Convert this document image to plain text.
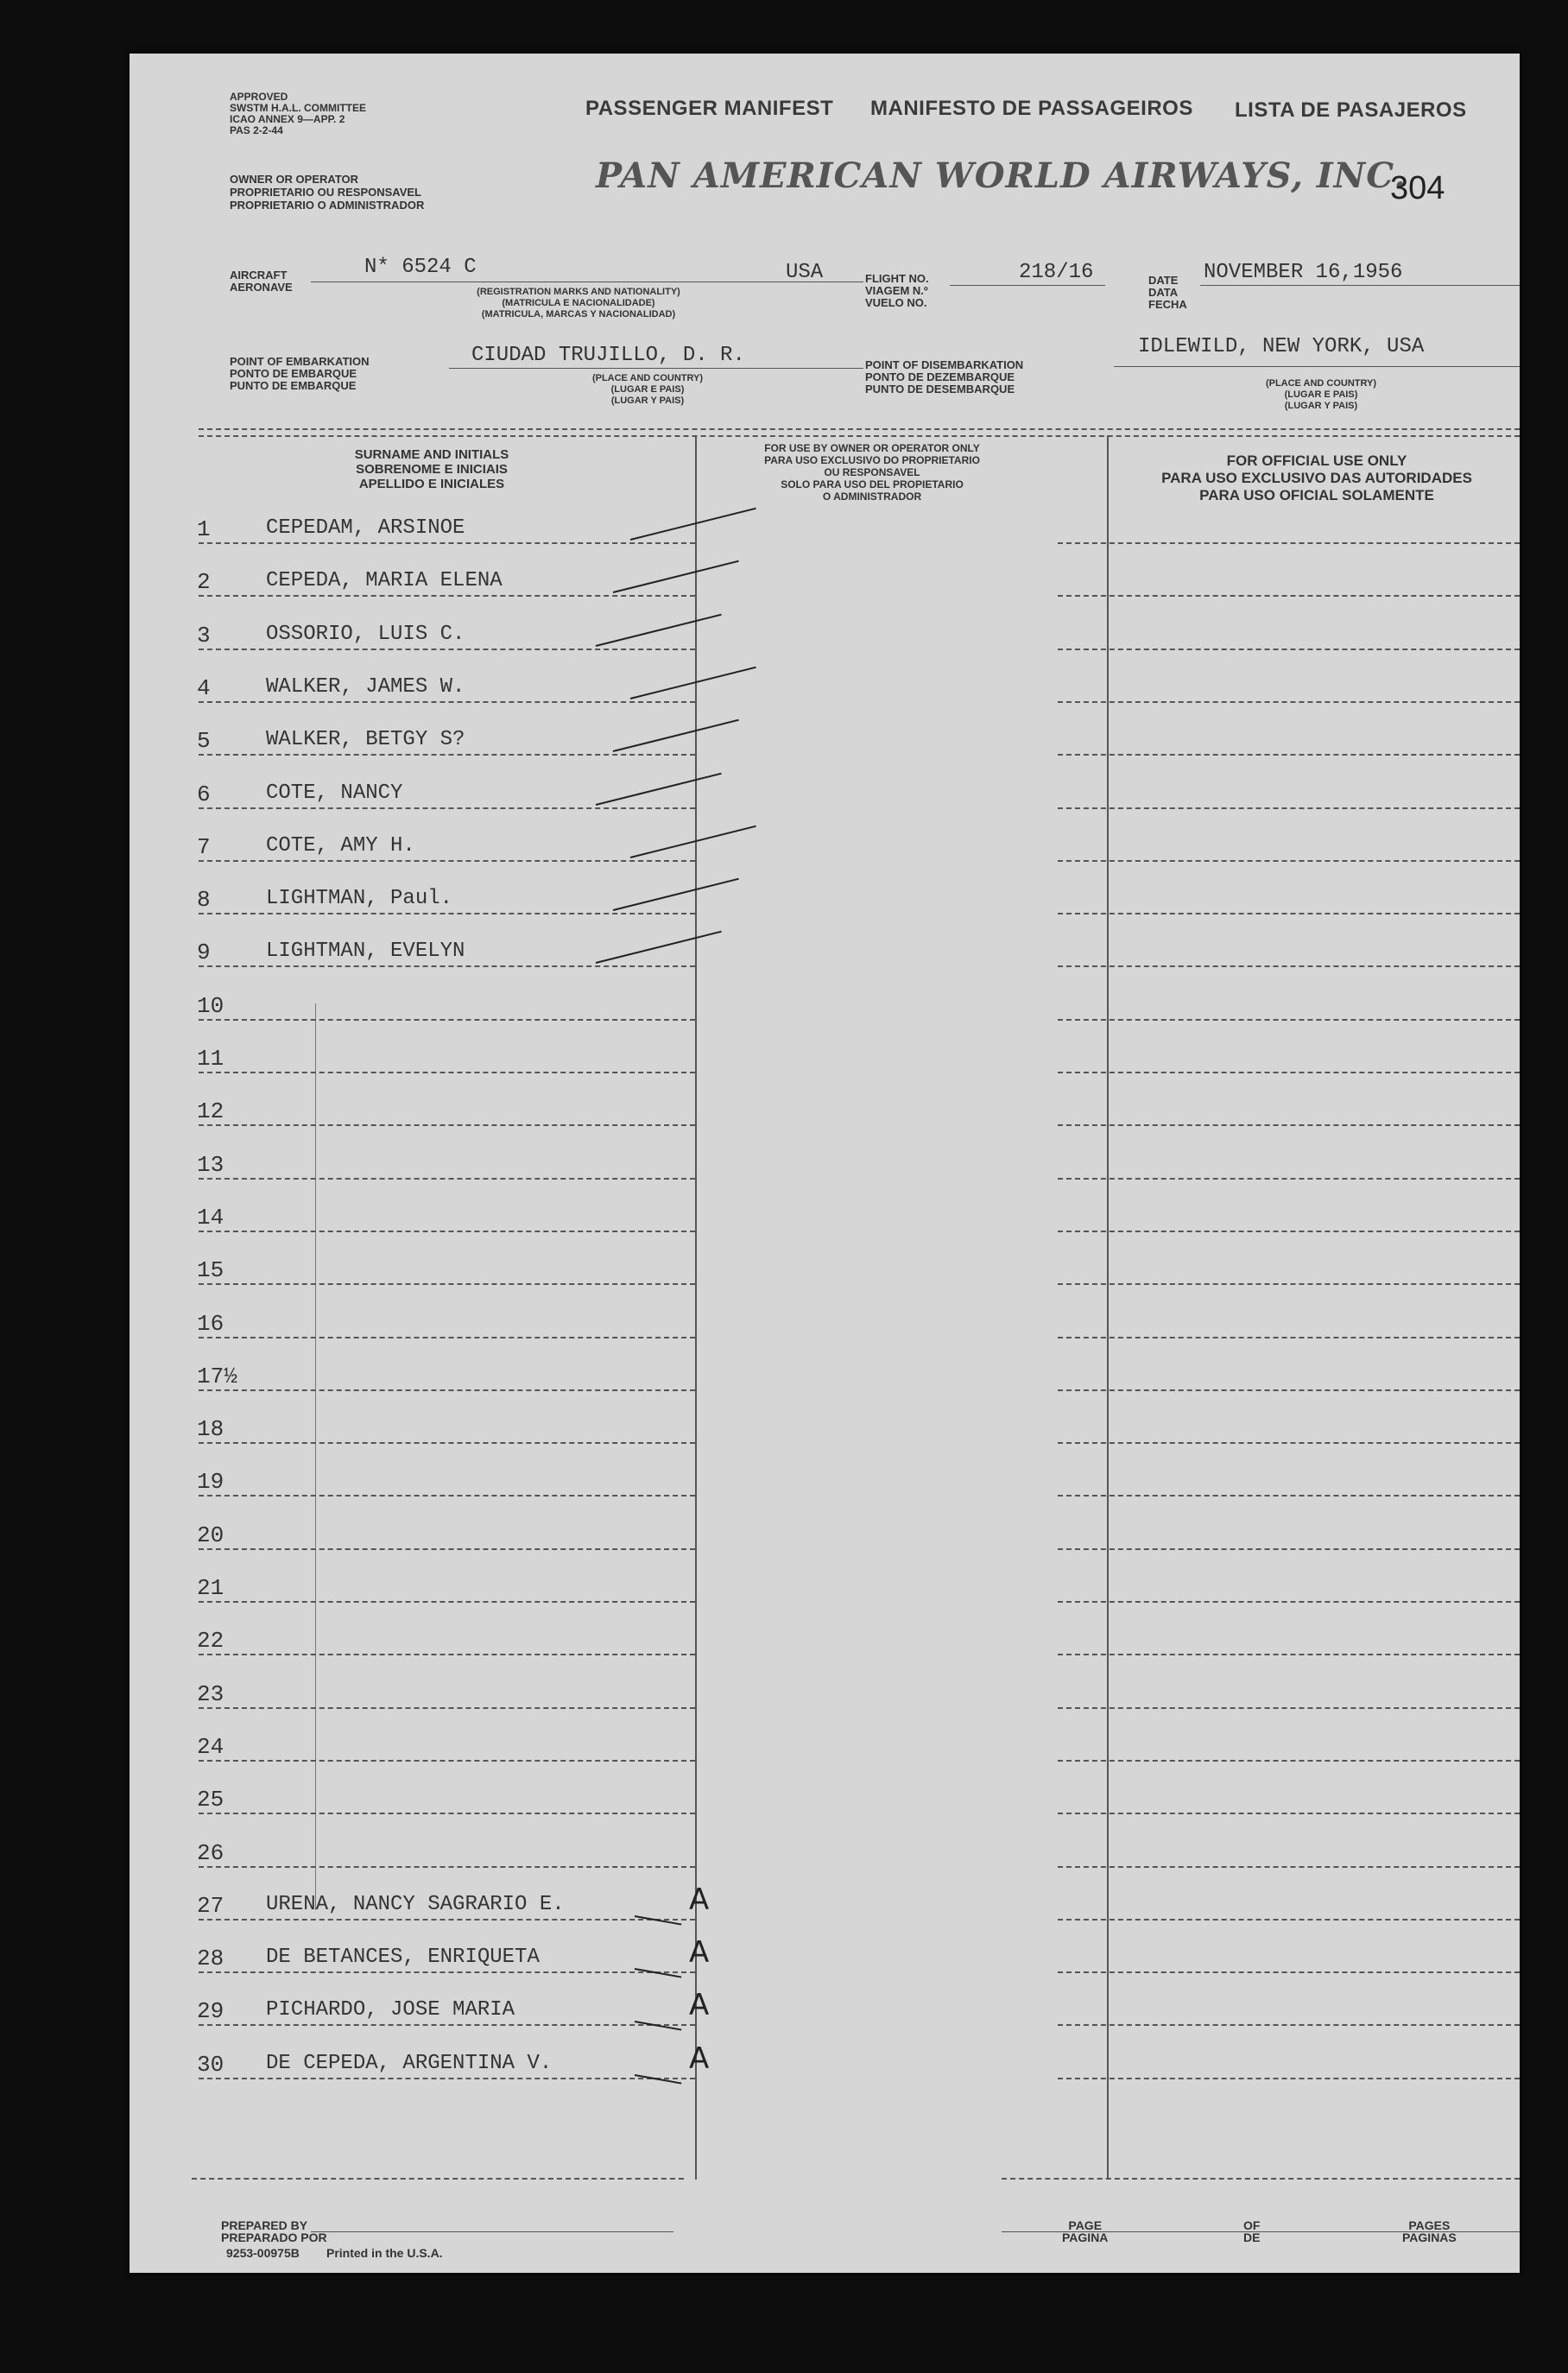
APPROVED
SWSTM H.A.L. COMMITTEE
ICAO ANNEX 9—APP. 2
PAS 2-2-44
PASSENGER MANIFEST MANIFESTO DE PASSAGEIROS LISTA DE PASAJEROS
OWNER OR OPERATOR
PROPRIETARIO OU RESPONSAVEL
PROPRIETARIO O ADMINISTRADOR
PAN AMERICAN WORLD AIRWAYS, INC.
304
AIRCRAFT
AERONAVE
N* 6524 C	USA
(REGISTRATION MARKS AND NATIONALITY)
(MATRICULA E NACIONALIDADE)
(MATRICULA, MARCAS Y NACIONALIDAD)
FLIGHT NO.
VIAGEM N.º
VUELO NO.
218/16	DATE
DATA
FECHA
NOVEMBER 16,1956
POINT OF EMBARKATION
PONTO DE EMBARQUE
PUNTO DE EMBARQUE
CIUDAD TRUJILLO, D. R.
(PLACE AND COUNTRY)
(LUGAR E PAIS)
(LUGAR Y PAIS)
POINT OF DISEMBARKATION
PONTO DE DEZEMBARQUE
PUNTO DE DESEMBARQUE
IDLEWILD, NEW YORK, USA
(PLACE AND COUNTRY)
(LUGAR E PAIS)
(LUGAR Y PAIS)
SURNAME AND INITIALS
SOBRENOME E INICIAIS
APELLIDO E INICIALES
FOR USE BY OWNER OR OPERATOR ONLY
PARA USO EXCLUSIVO DO PROPRIETARIO
OU RESPONSAVEL
SOLO PARA USO DEL PROPIETARIO
O ADMINISTRADOR
FOR OFFICIAL USE ONLY
PARA USO EXCLUSIVO DAS AUTORIDADES
PARA USO OFICIAL SOLAMENTE
1	CEPEDAM, ARSINOE
2	CEPEDA, MARIA ELENA
3	OSSORIO, LUIS C.
4	WALKER, JAMES W.
5	WALKER, BETGY S?
6	COTE, NANCY
7	COTE, AMY H.
8	LIGHTMAN, Paul.
9	LIGHTMAN, EVELYN
10
11
12
13
14
15
16
17½
18
19
20
21
22
23
24
25
26
27 URENA, NANCY SAGRARIO E.	A
28 DE BETANCES, ENRIQUETA	A
29 PICHARDO, JOSE MARIA	A
30 DE CEPEDA, ARGENTINA V.	A
PREPARED BY
PREPARADO POR
9253-00975B Printed in the U.S.A.
PAGE
PAGINA
OF
DE
PAGES
PAGINAS
